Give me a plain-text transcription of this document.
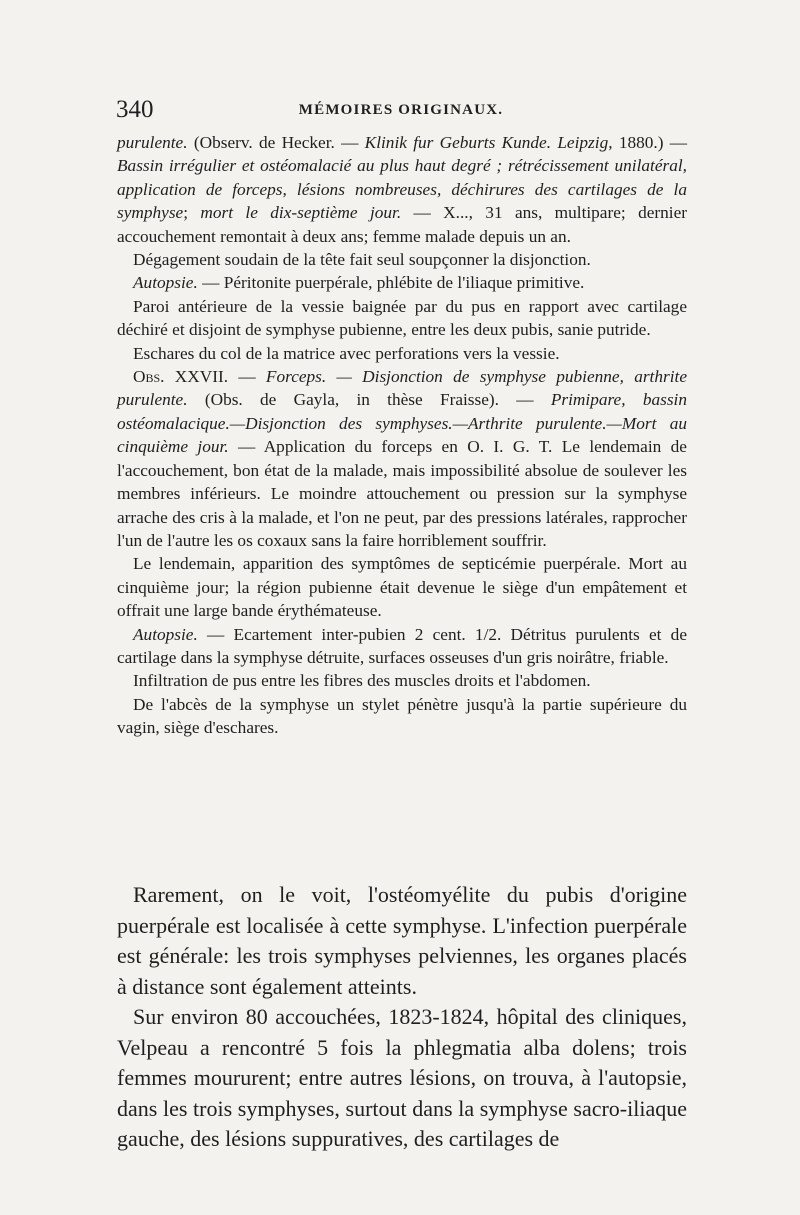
340	MÉMOIRES ORIGINAUX.

purulente. (Observ. de Hecker. — Klinik fur Geburts Kunde. Leipzig, 1880.) — Bassin irrégulier et ostéomalacié au plus haut degré ; rétrécissement unilatéral, application de forceps, lésions nombreuses, déchirures des cartilages de la symphyse; mort le dix-septième jour. — X..., 31 ans, multipare; dernier accouchement remontait à deux ans; femme malade depuis un an.

Dégagement soudain de la tête fait seul soupçonner la disjonction.

Autopsie. — Péritonite puerpérale, phlébite de l'iliaque primitive.

Paroi antérieure de la vessie baignée par du pus en rapport avec cartilage déchiré et disjoint de symphyse pubienne, entre les deux pubis, sanie putride.

Eschares du col de la matrice avec perforations vers la vessie.

Obs. XXVII. — Forceps. — Disjonction de symphyse pubienne, arthrite purulente. (Obs. de Gayla, in thèse Fraisse). — Primipare, bassin ostéomalacique.—Disjonction des symphyses.—Arthrite purulente.—Mort au cinquième jour. — Application du forceps en O. I. G. T. Le lendemain de l'accouchement, bon état de la malade, mais impossibilité absolue de soulever les membres inférieurs. Le moindre attouchement ou pression sur la symphyse arrache des cris à la malade, et l'on ne peut, par des pressions latérales, rapprocher l'un de l'autre les os coxaux sans la faire horriblement souffrir.

Le lendemain, apparition des symptômes de septicémie puerpérale. Mort au cinquième jour; la région pubienne était devenue le siège d'un empâtement et offrait une large bande érythémateuse.

Autopsie. — Ecartement inter-pubien 2 cent. 1/2. Détritus purulents et de cartilage dans la symphyse détruite, surfaces osseuses d'un gris noirâtre, friable.

Infiltration de pus entre les fibres des muscles droits et l'abdomen.

De l'abcès de la symphyse un stylet pénètre jusqu'à la partie supérieure du vagin, siège d'eschares.

Rarement, on le voit, l'ostéomyélite du pubis d'origine puerpérale est localisée à cette symphyse. L'infection puerpérale est générale: les trois symphyses pelviennes, les organes placés à distance sont également atteints.

Sur environ 80 accouchées, 1823-1824, hôpital des cliniques, Velpeau a rencontré 5 fois la phlegmatia alba dolens; trois femmes moururent; entre autres lésions, on trouva, à l'autopsie, dans les trois symphyses, surtout dans la symphyse sacro-iliaque gauche, des lésions suppuratives, des cartilages de
